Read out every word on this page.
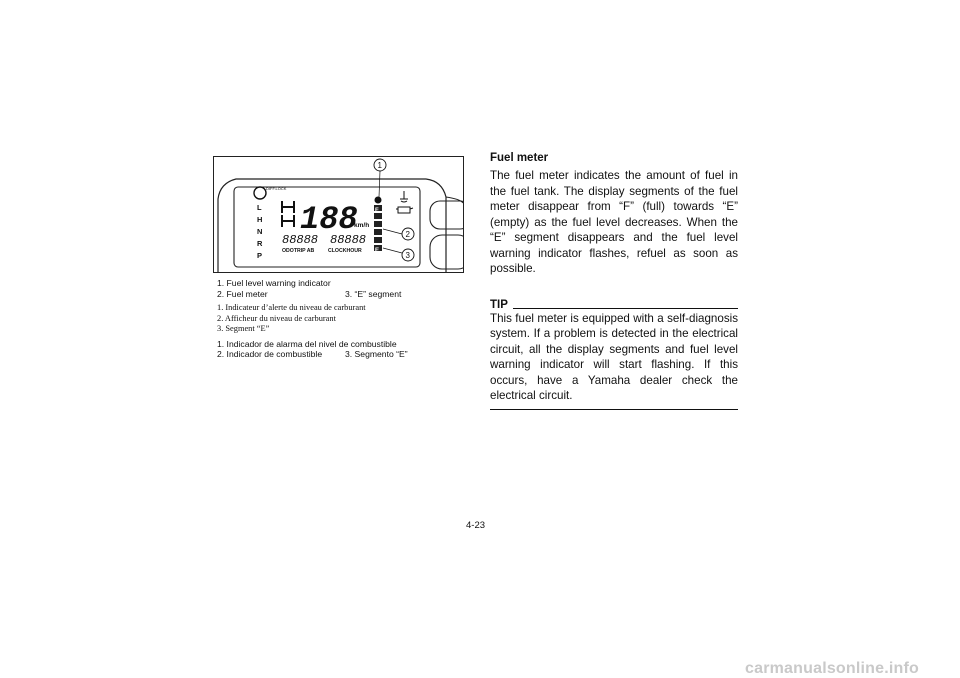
DIFF.LOCK
L
H
N
R
P
188
km/h
88888 88888
ODOTRIP AB	CLOCKHOUR
F
E
1
2
3
1. Fuel level warning indicator
2. Fuel meter	3. “E” segment
1. Indicateur d’alerte du niveau de carburant
2. Afficheur du niveau de carburant
3. Segment “E”
1. Indicador de alarma del nivel de combustible
2. Indicador de combustible	3. Segmento “E”
Fuel meter

The fuel meter indicates the amount of fuel in the fuel tank. The display segments of the fuel meter disappear from “F” (full) towards “E” (empty) as the fuel level decreases. When the “E” segment disappears and the fuel level warning indicator flashes, refuel as soon as possible.

TIP

This fuel meter is equipped with a self-diagnosis system. If a problem is detected in the electrical circuit, all the display segments and fuel level warning indicator will start flashing. If this occurs, have a Yamaha dealer check the electrical circuit.

4-23
carmanualsonline.info
